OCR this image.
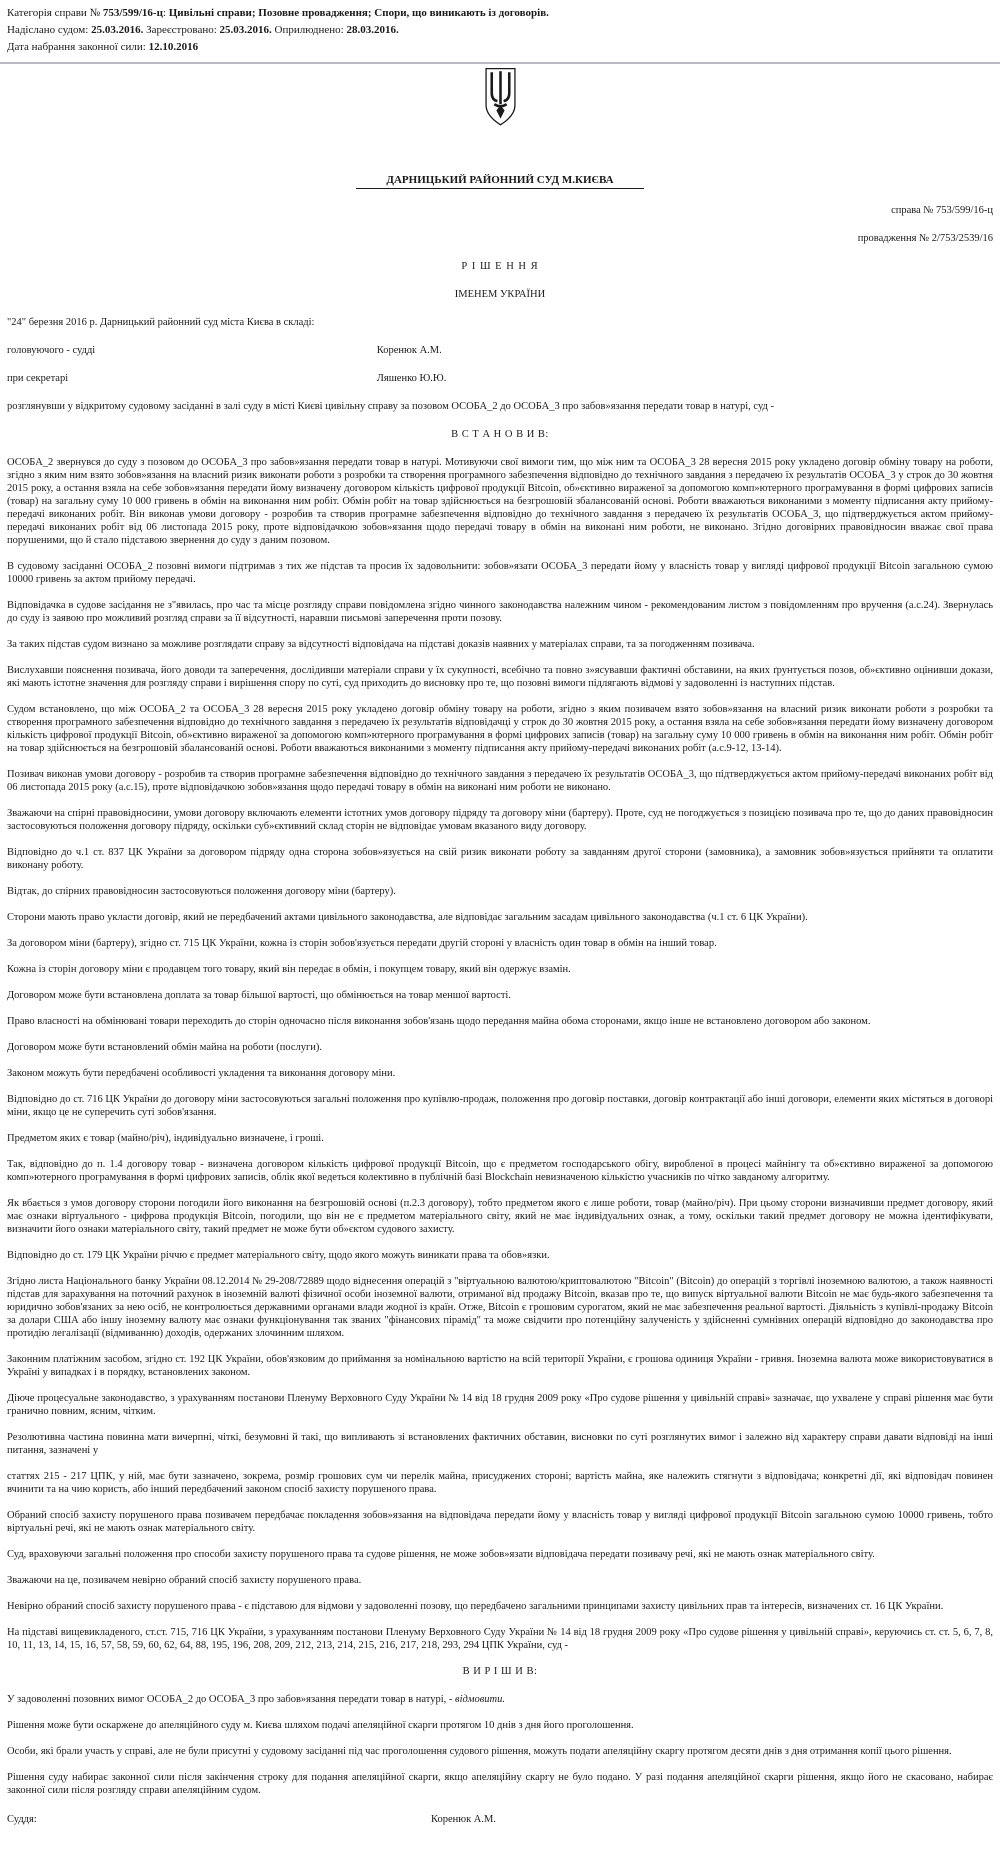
Категорія справи № 753/599/16-ц: Цивільні справи; Позовне провадження; Спори, що виникають із договорів.
Надіслано судом: 25.03.2016. Зареєстровано: 25.03.2016. Оприлюднено: 28.03.2016.
Дата набрання законної сили: 12.10.2016
ДАРНИЦЬКИЙ РАЙОННИЙ СУД М.КИЄВА
справа № 753/599/16-ц
провадження № 2/753/2539/16
Р І Ш Е Н Н Я
ІМЕНЕМ УКРАЇНИ
"24" березня 2016 р. Дарницький районний суд міста Києва в складі:
головуючого - судді	Коренюк А.М.
при секретарі	Ляшенко Ю.Ю.
розглянувши у відкритому судовому засіданні в залі суду в місті Києві цивільну справу за позовом ОСОБА_2 до ОСОБА_3 про забов»язання передати товар в натурі, суд -

В С Т А Н О В И В:

ОСОБА_2 звернувся до суду з позовом до ОСОБА_3 про забов»язання передати товар в натурі. Мотивуючи свої вимоги тим, що між ним та ОСОБА_3 28 вересня 2015 року укладено договір обміну товару на роботи, згідно з яким ним взято зобов»язання на власний ризик виконати роботи з розробки та створення програмного забезпечення відповідно до технічного завдання з передачею їх результатів ОСОБА_3 у строк до 30 жовтня 2015 року, а остання взяла на себе зобов»язання передати йому визначену договором кількість цифрової продукції Bitcoin, об»єктивно вираженої за допомогою комп»ютерного програмування в формі цифрових записів (товар) на загальну суму 10 000 гривень в обмін на виконання ним робіт. Обмін робіт на товар здійснюється на безгрошовій збалансованій основі. Роботи вважаються виконаними з моменту підписання акту прийому-передачі виконаних робіт. Він виконав умови договору - розробив та створив програмне забезпечення відповідно до технічного завдання з передачею їх результатів ОСОБА_3, що підтверджується актом прийому-передачі виконаних робіт від 06 листопада 2015 року, проте відповідачкою зобов»язання щодо передачі товару в обмін на виконані ним роботи, не виконано. Згідно договірних правовідносин вважає свої права порушеними, що й стало підставою звернення до суду з даним позовом.

В судовому засіданні ОСОБА_2 позовні вимоги підтримав з тих же підстав та просив їх задовольнити: зобов»язати ОСОБА_3 передати йому у власність товар у вигляді цифрової продукції Bitcoin загальною сумою 10000 гривень за актом прийому передачі.

Відповідачка в судове засідання не з"явилась, про час та місце розгляду справи повідомлена згідно чинного законодавства належним чином - рекомендованим листом з повідомленням про вручення (а.с.24). Звернулась до суду із заявою про можливий розгляд справи за її відсутності, наравши письмові заперечення проти позову.

За таких підстав судом визнано за можливе розглядати справу за відсутності відповідача на підставі доказів наявних у матеріалах справи, та за погодженням позивача.

Вислухавши пояснення позивача, його доводи та заперечення, дослідивши матеріали справи у їх сукупності, всебічно та повно з»ясувавши фактичні обставини, на яких ґрунтується позов, об»єктивно оцінивши докази, які мають істотне значення для розгляду справи і вирішення спору по суті, суд приходить до висновку про те, що позовні вимоги підлягають відмові у задоволенні із наступних підстав.

Судом встановлено, що між ОСОБА_2 та ОСОБА_3 28 вересня 2015 року укладено договір обміну товару на роботи, згідно з яким позивачем взято зобов»язання на власний ризик виконати роботи з розробки та створення програмного забезпечення відповідно до технічного завдання з передачею їх результатів відповідачці у строк до 30 жовтня 2015 року, а остання взяла на себе зобов»язання передати йому визначену договором кількість цифрової продукції Bitcoin, об»єктивно вираженої за допомогою комп»ютерного програмування в формі цифрових записів (товар) на загальну суму 10 000 гривень в обмін на виконання ним робіт. Обмін робіт на товар здійснюється на безгрошовій збалансованій основі. Роботи вважаються виконаними з моменту підписання акту прийому-передачі виконаних робіт (а.с.9-12, 13-14).

Позивач виконав умови договору - розробив та створив програмне забезпечення відповідно до технічного завдання з передачею їх результатів ОСОБА_3, що підтверджується актом прийому-передачі виконаних робіт від 06 листопада 2015 року (а.с.15), проте відповідачкою зобов»язання щодо передачі товару в обмін на виконані ним роботи не виконано.

Зважаючи на спірні правовідносини, умови договору включають елементи істотних умов договору підряду та договору міни (бартеру). Проте, суд не погоджується з позицією позивача про те, що до даних правовідносин застосовуються положення договору підряду, оскільки суб»єктивний склад сторін не відповідає умовам вказаного виду договору.

Відповідно до ч.1 ст. 837 ЦК України за договором підряду одна сторона зобов»язується на свій ризик виконати роботу за завданням другої сторони (замовника), а замовник зобов»язується прийняти та оплатити виконану роботу.

Відтак, до спірних правовідносин застосовуються положення договору міни (бартеру).

Сторони мають право укласти договір, який не передбачений актами цивільного законодавства, але відповідає загальним засадам цивільного законодавства (ч.1 ст. 6 ЦК України).

За договором міни (бартеру), згідно ст. 715 ЦК України, кожна із сторін зобов'язується передати другій стороні у власність один товар в обмін на інший товар.

Кожна із сторін договору міни є продавцем того товару, який він передає в обмін, і покупцем товару, який він одержує взамін.

Договором може бути встановлена доплата за товар більшої вартості, що обмінюється на товар меншої вартості.

Право власності на обмінювані товари переходить до сторін одночасно після виконання зобов'язань щодо передання майна обома сторонами, якщо інше не встановлено договором або законом.

Договором може бути встановлений обмін майна на роботи (послуги).

Законом можуть бути передбачені особливості укладення та виконання договору міни.

Відповідно до ст. 716 ЦК України до договору міни застосовуються загальні положення про купівлю-продаж, положення про договір поставки, договір контрактації або інші договори, елементи яких містяться в договорі міни, якщо це не суперечить суті зобов'язання.

Предметом яких є товар (майно/річ), індивідуально визначене, і гроші.

Так, відповідно до п. 1.4 договору товар - визначена договором кількість цифрової продукції Bitcoin, що є предметом господарського обігу, виробленої в процесі майнінгу та об»єктивно вираженої за допомогою комп»ютерного програмування в формі цифрових записів, облік якої ведеться колективно в публічній базі Blockchain невизначеною кількістю учасників по чітко завданому алгоритму.

Як вбається з умов договору сторони погодили його виконання на безгрошовій основі (п.2.3 договору), тобто предметом якого є лише роботи, товар (майно/річ). При цьому сторони визначивши предмет договору, який має ознаки віртуального - цифрова продукція Bitcoin, погодили, що він не є предметом матеріального світу, який не має індивідуальних ознак, а тому, оскільки такий предмет договору не можна ідентифікувати, визначити його ознаки матеріального світу, такий предмет не може бути об»єктом судового захисту.

Відповідно до ст. 179 ЦК України річчю є предмет матеріального світу, щодо якого можуть виникати права та обов»язки.

Згідно листа Національного банку України 08.12.2014 № 29-208/72889 щодо віднесення операцій з "віртуальною валютою/криптовалютою "Bitcoin" (Bitcoin) до операцій з торгівлі іноземною валютою, а також наявності підстав для зарахування на поточний рахунок в іноземній валюті фізичної особи іноземної валюти, отриманої від продажу Bitcoin, вказав про те, що випуск віртуальної валюти Bitcoin не має будь-якого забезпечення та юридично зобов'язаних за нею осіб, не контролюється державними органами влади жодної із країн. Отже, Bitcoin є грошовим сурогатом, який не має забезпечення реальної вартості. Діяльність з купівлі-продажу Bitcoin за долари США або іншу іноземну валюту має ознаки функціонування так званих "фінансових пірамід" та може свідчити про потенційну залученість у здійсненні сумнівних операцій відповідно до законодавства про протидію легалізації (відмиванню) доходів, одержаних злочинним шляхом.

Законним платіжним засобом, згідно ст. 192 ЦК України, обов'язковим до приймання за номінальною вартістю на всій території України, є грошова одиниця України - гривня. Іноземна валюта може використовуватися в Україні у випадках і в порядку, встановлених законом.

Діюче процесуальне законодавство, з урахуванням постанови Пленуму Верховного Суду України № 14 від 18 грудня 2009 року «Про судове рішення у цивільній справі» зазначає, що ухвалене у справі рішення має бути гранично повним, ясним, чітким.

Резолютивна частина повинна мати вичерпні, чіткі, безумовні й такі, що випливають зі встановлених фактичних обставин, висновки по суті розглянутих вимог і залежно від характеру справи давати відповіді на інші питання, зазначені у

статтях 215 - 217 ЦПК, у ній, має бути зазначено, зокрема, розмір грошових сум чи перелік майна, присуджених стороні; вартість майна, яке належить стягнути з відповідача; конкретні дії, які відповідач повинен вчинити та на чию користь, або інший передбачений законом спосіб захисту порушеного права.

Обраний спосіб захисту порушеного права позивачем передбачає покладення зобов»язання на відповідача передати йому у власність товар у вигляді цифрової продукції Bitcoin загальною сумою 10000 гривень, тобто віртуальні речі, які не мають ознак матеріального світу.

Суд, враховуючи загальні положення про способи захисту порушеного права та судове рішення, не може зобов»язати відповідача передати позивачу речі, які не мають ознак матеріального світу.

Зважаючи на це, позивачем невірно обраний спосіб захисту порушеного права.

Невірно обраний спосіб захисту порушеного права - є підставою для відмови у задоволенні позову, що передбачено загальними принципами захисту цивільних прав та інтересів, визначених ст. 16 ЦК України.

На підставі вищевикладеного, ст.ст. 715, 716 ЦК України, з урахуванням постанови Пленуму Верховного Суду України № 14 від 18 грудня 2009 року «Про судове рішення у цивільній справі», керуючись ст. ст. 5, 6, 7, 8, 10, 11, 13, 14, 15, 16, 57, 58, 59, 60, 62, 64, 88, 195, 196, 208, 209, 212, 213, 214, 215, 216, 217, 218, 293, 294 ЦПК України, суд -

В И Р І Ш И В:

У задоволенні позовних вимог ОСОБА_2 до ОСОБА_3 про забов»язання передати товар в натурі, - відмовити.

Рішення може бути оскаржене до апеляційного суду м. Києва шляхом подачі апеляційної скарги протягом 10 днів з дня його проголошення.

Особи, які брали участь у справі, але не були присутні у судовому засіданні під час проголошення судового рішення, можуть подати апеляційну скаргу протягом десяти днів з дня отримання копії цього рішення.

Рішення суду набирає законної сили після закінчення строку для подання апеляційної скарги, якщо апеляційну скаргу не було подано. У разі подання апеляційної скарги рішення, якщо його не скасовано, набирає законної сили після розгляду справи апеляційним судом.

Суддя:	Коренюк А.М.
